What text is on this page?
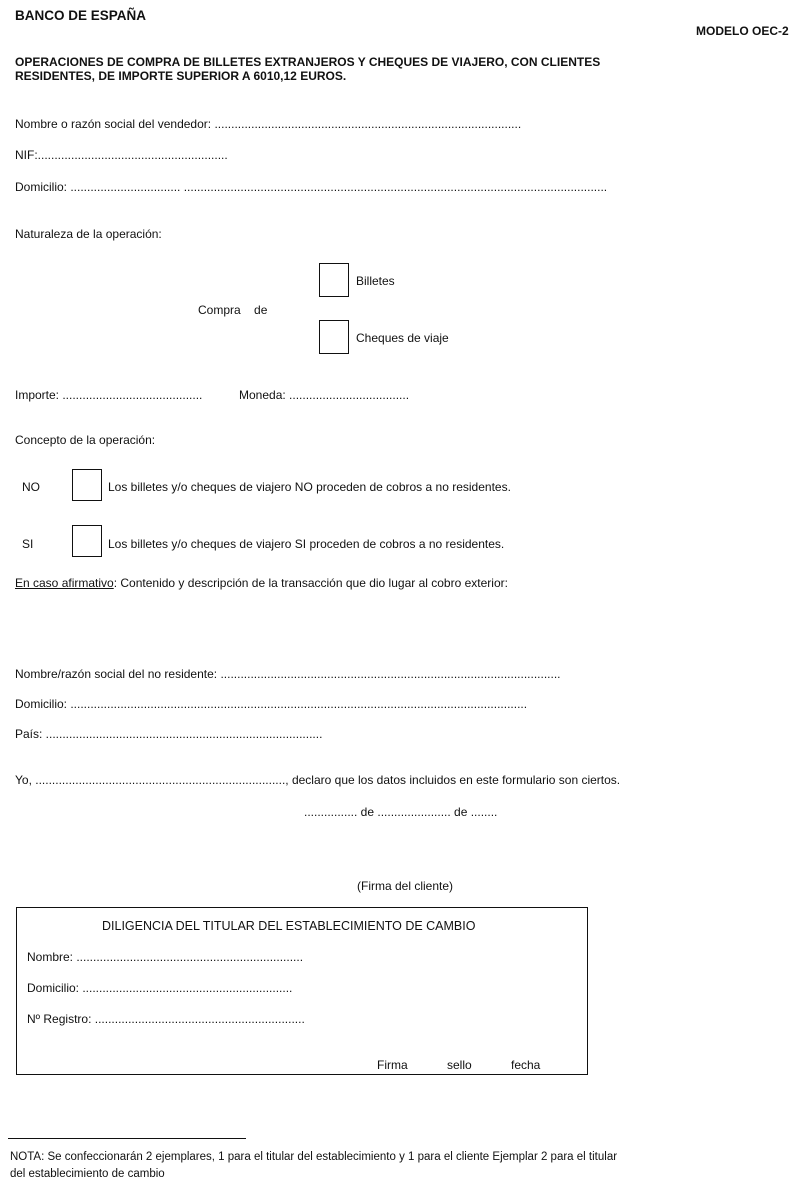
BANCO DE ESPAÑA
MODELO OEC-2
OPERACIONES DE COMPRA DE BILLETES EXTRANJEROS Y CHEQUES DE VIAJERO, CON CLIENTES
RESIDENTES, DE IMPORTE SUPERIOR A 6010,12 EUROS.
Nombre o razón social del vendedor: ............................................................................................
NIF:.........................................................
Domicilio: ................................. ...............................................................................................................................
Naturaleza de la operación:
Billetes
Compra    de
Cheques de viaje
Importe: ..........................................	Moneda: ....................................
Concepto de la operación:
NO	Los billetes y/o cheques de viajero NO proceden de cobros a no residentes.
SI	Los billetes y/o cheques de viajero SI proceden de cobros a no residentes.
En caso afirmativo: Contenido y descripción de la transacción que dio lugar al cobro exterior:
Nombre/razón social del no residente: ......................................................................................................
Domicilio: .........................................................................................................................................
País: ...................................................................................
Yo, ..........................................................................., declaro que los datos incluidos en este formulario son ciertos.
................ de ...................... de ........
(Firma del cliente)
DILIGENCIA DEL TITULAR DEL ESTABLECIMIENTO DE CAMBIO
Nombre: ....................................................................
Domicilio: ...............................................................
Nº Registro: ...............................................................
Firma	sello	fecha
NOTA: Se confeccionarán 2 ejemplares, 1 para el titular del establecimiento y 1 para el cliente Ejemplar 2 para el titular
del establecimiento de cambio
